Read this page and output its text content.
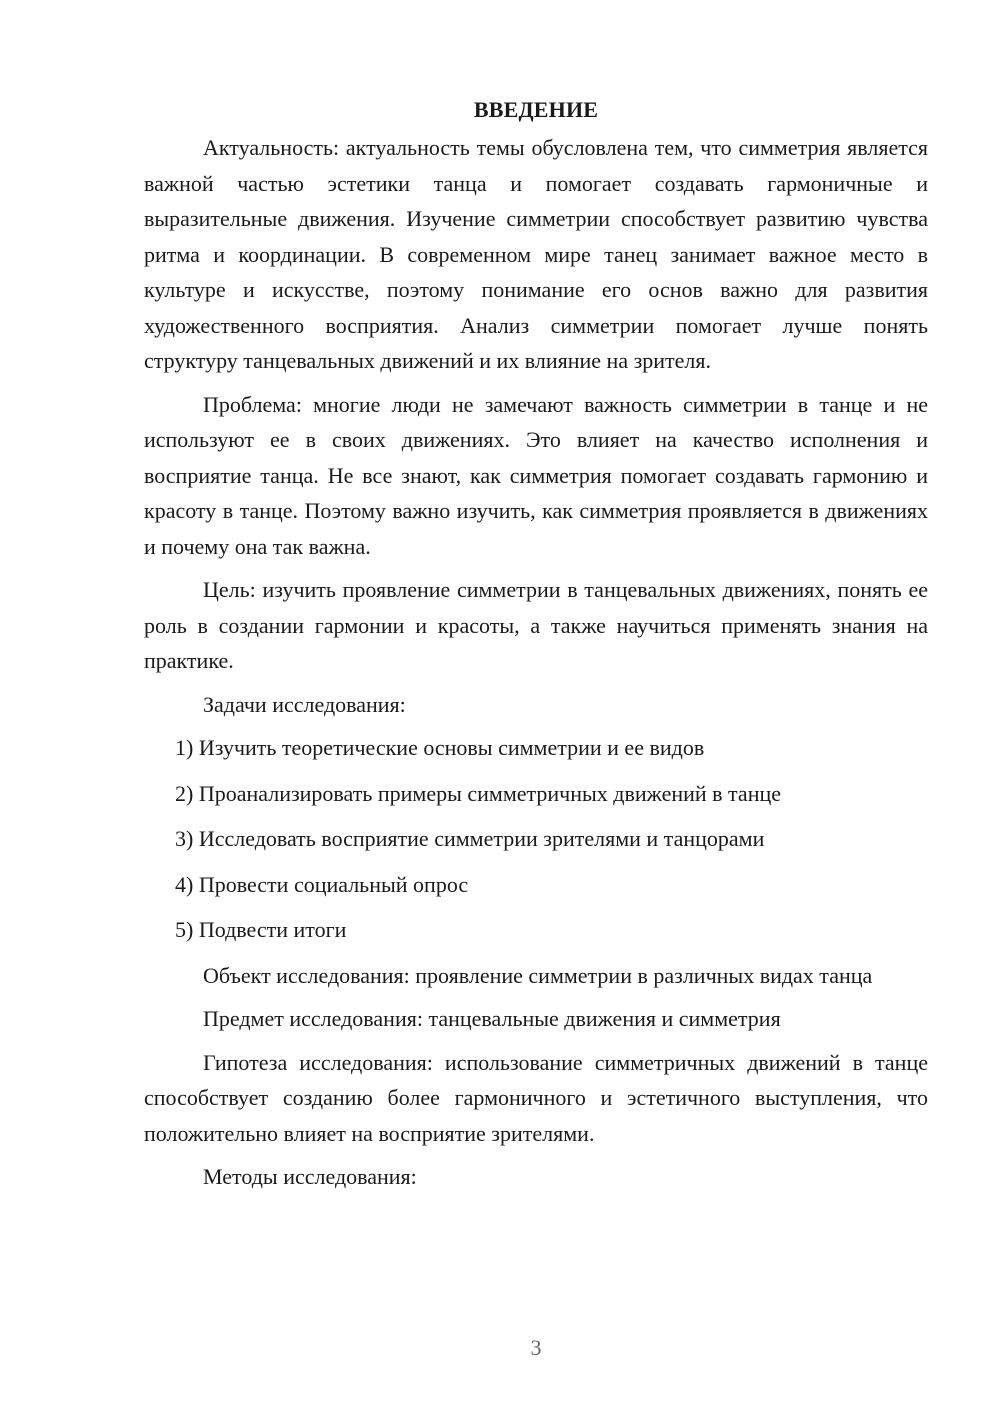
ВВЕДЕНИЕ

Актуальность: актуальность темы обусловлена тем, что симметрия является важной частью эстетики танца и помогает создавать гармоничные и выразительные движения. Изучение симметрии способствует развитию чувства ритма и координации. В современном мире танец занимает важное место в культуре и искусстве, поэтому понимание его основ важно для развития художественного восприятия. Анализ симметрии помогает лучше понять структуру танцевальных движений и их влияние на зрителя.

Проблема: многие люди не замечают важность симметрии в танце и не используют ее в своих движениях. Это влияет на качество исполнения и восприятие танца. Не все знают, как симметрия помогает создавать гармонию и красоту в танце. Поэтому важно изучить, как симметрия проявляется в движениях и почему она так важна.

Цель: изучить проявление симметрии в танцевальных движениях, понять ее роль в создании гармонии и красоты, а также научиться применять знания на практике.

Задачи исследования:

1) Изучить теоретические основы симметрии и ее видов
2) Проанализировать примеры симметричных движений в танце
3) Исследовать восприятие симметрии зрителями и танцорами
4) Провести социальный опрос
5) Подвести итоги

Объект исследования: проявление симметрии в различных видах танца

Предмет исследования: танцевальные движения и симметрия

Гипотеза исследования: использование симметричных движений в танце способствует созданию более гармоничного и эстетичного выступления, что положительно влияет на восприятие зрителями.

Методы исследования:

3
